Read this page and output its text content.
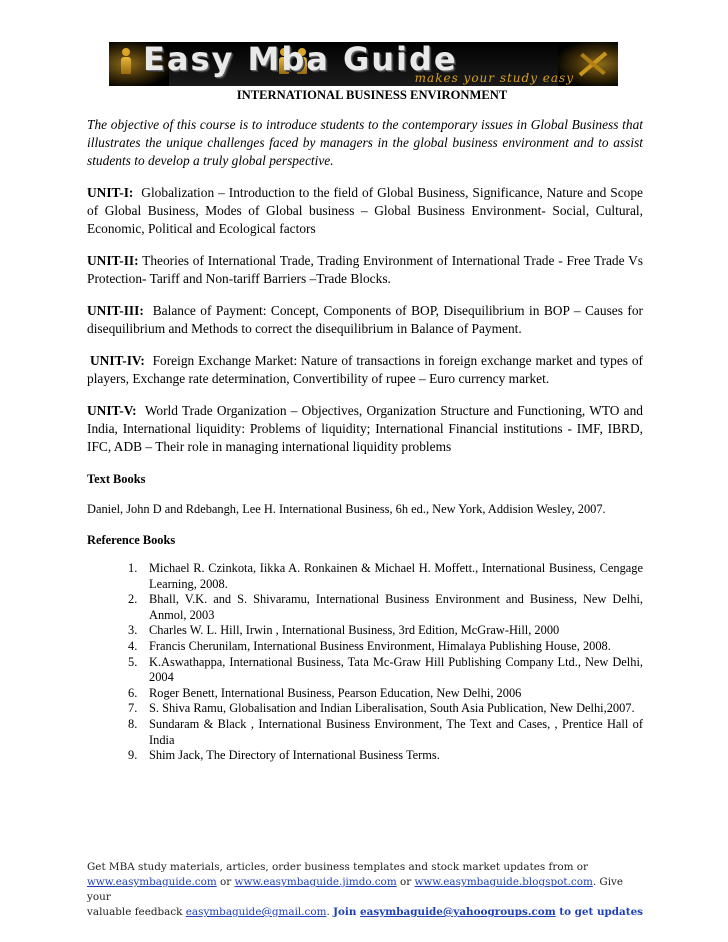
Easy Mba Guide
makes your study easy
INTERNATIONAL BUSINESS ENVIRONMENT

The objective of this course is to introduce students to the contemporary issues in Global Business that illustrates the unique challenges faced by managers in the global business environment and to assist students to develop a truly global perspective.

UNIT-I: Globalization – Introduction to the field of Global Business, Significance, Nature and Scope of Global Business, Modes of Global business – Global Business Environment- Social, Cultural, Economic, Political and Ecological factors

UNIT-II: Theories of International Trade, Trading Environment of International Trade - Free Trade Vs Protection- Tariff and Non-tariff Barriers –Trade Blocks.

UNIT-III: Balance of Payment: Concept, Components of BOP, Disequilibrium in BOP – Causes for disequilibrium and Methods to correct the disequilibrium in Balance of Payment.

UNIT-IV: Foreign Exchange Market: Nature of transactions in foreign exchange market and types of players, Exchange rate determination, Convertibility of rupee – Euro currency market.

UNIT-V: World Trade Organization – Objectives, Organization Structure and Functioning, WTO and India, International liquidity: Problems of liquidity; International Financial institutions - IMF, IBRD, IFC, ADB – Their role in managing international liquidity problems

Text Books
Daniel, John D and Rdebangh, Lee H. International Business, 6h ed., New York, Addision Wesley, 2007.
Reference Books
1. Michael R. Czinkota, Iikka A. Ronkainen & Michael H. Moffett., International Business, Cengage Learning, 2008.
2. Bhall, V.K. and S. Shivaramu, International Business Environment and Business, New Delhi, Anmol, 2003
3. Charles W. L. Hill, Irwin , International Business, 3rd Edition, McGraw-Hill, 2000
4. Francis Cherunilam, International Business Environment, Himalaya Publishing House, 2008.
5. K.Aswathappa, International Business, Tata Mc-Graw Hill Publishing Company Ltd., New Delhi, 2004
6. Roger Benett, International Business, Pearson Education, New Delhi, 2006
7. S. Shiva Ramu, Globalisation and Indian Liberalisation, South Asia Publication, New Delhi,2007.
8. Sundaram & Black , International Business Environment, The Text and Cases, , Prentice Hall of India
9. Shim Jack, The Directory of International Business Terms.
Get MBA study materials, articles, order business templates and stock market updates from or
www.easymbaguide.com or www.easymbaguide.jimdo.com or www.easymbaguide.blogspot.com. Give your
valuable feedback easymbaguide@gmail.com. Join easymbaguide@yahoogroups.com to get updates
